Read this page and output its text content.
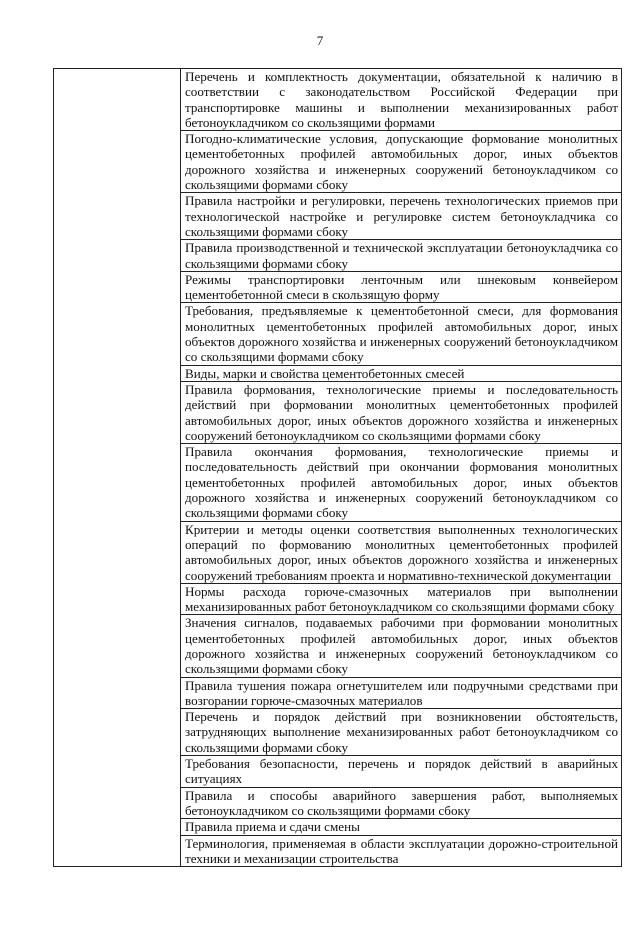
7

Перечень и комплектность документации, обязательной к наличию в соответствии с законодательством Российской Федерации при транспортировке машины и выполнении механизированных работ бетоноукладчиком со скользящими формами
Погодно-климатические условия, допускающие формование монолитных цементобетонных профилей автомобильных дорог, иных объектов дорожного хозяйства и инженерных сооружений бетоноукладчиком со скользящими формами сбоку
Правила настройки и регулировки, перечень технологических приемов при технологической настройке и регулировке систем бетоноукладчика со скользящими формами сбоку
Правила производственной и технической эксплуатации бетоноукладчика со скользящими формами сбоку
Режимы транспортировки ленточным или шнековым конвейером цементобетонной смеси в скользящую форму
Требования, предъявляемые к цементобетонной смеси, для формования монолитных цементобетонных профилей автомобильных дорог, иных объектов дорожного хозяйства и инженерных сооружений бетоноукладчиком со скользящими формами сбоку
Виды, марки и свойства цементобетонных смесей
Правила формования, технологические приемы и последовательность действий при формовании монолитных цементобетонных профилей автомобильных дорог, иных объектов дорожного хозяйства и инженерных сооружений бетоноукладчиком со скользящими формами сбоку
Правила окончания формования, технологические приемы и последовательность действий при окончании формования монолитных цементобетонных профилей автомобильных дорог, иных объектов дорожного хозяйства и инженерных сооружений бетоноукладчиком со скользящими формами сбоку
Критерии и методы оценки соответствия выполненных технологических операций по формованию монолитных цементобетонных профилей автомобильных дорог, иных объектов дорожного хозяйства и инженерных сооружений требованиям проекта и нормативно-технической документации
Нормы расхода горюче-смазочных материалов при выполнении механизированных работ бетоноукладчиком со скользящими формами сбоку
Значения сигналов, подаваемых рабочими при формовании монолитных цементобетонных профилей автомобильных дорог, иных объектов дорожного хозяйства и инженерных сооружений бетоноукладчиком со скользящими формами сбоку
Правила тушения пожара огнетушителем или подручными средствами при возгорании горюче-смазочных материалов
Перечень и порядок действий при возникновении обстоятельств, затрудняющих выполнение механизированных работ бетоноукладчиком со скользящими формами сбоку
Требования безопасности, перечень и порядок действий в аварийных ситуациях
Правила и способы аварийного завершения работ, выполняемых бетоноукладчиком со скользящими формами сбоку
Правила приема и сдачи смены
Терминология, применяемая в области эксплуатации дорожно-строительной техники и механизации строительства
